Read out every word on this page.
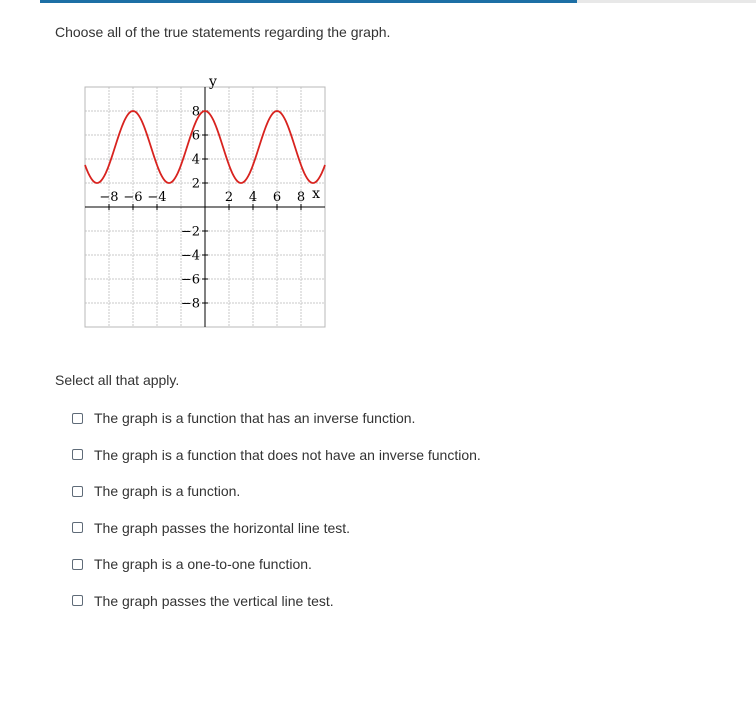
Choose all of the true statements regarding the graph.
−8 −6 −4	2 4 6 8
8
6
4
2
−2
−4
−6
−8
x
y
Select all that apply.
The graph is a function that has an inverse function.
The graph is a function that does not have an inverse function.
The graph is a function.
The graph passes the horizontal line test.
The graph is a one-to-one function.
The graph passes the vertical line test.
